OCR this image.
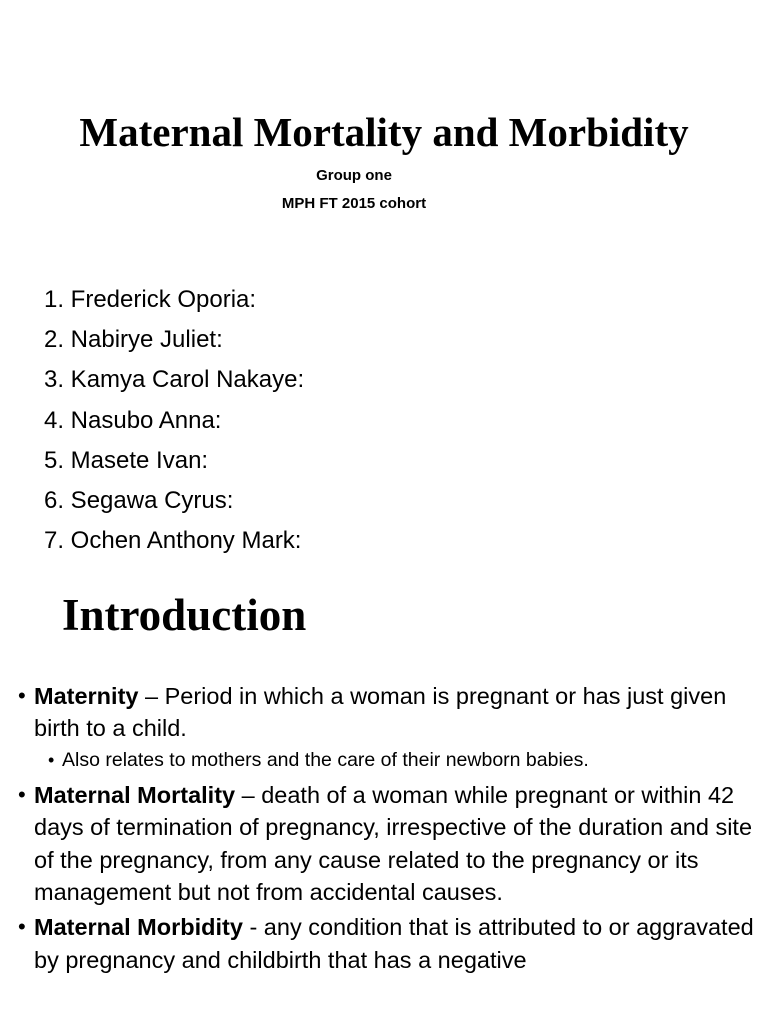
Maternal Mortality and Morbidity
Group one
MPH FT 2015 cohort
1. Frederick Oporia:
2. Nabirye Juliet:
3. Kamya Carol Nakaye:
4. Nasubo Anna:
5. Masete Ivan:
6. Segawa Cyrus:
7. Ochen Anthony Mark:
Introduction
• Maternity – Period in which a woman is pregnant or has just given birth to a child.
• Also relates to mothers and the care of their newborn babies.
• Maternal Mortality – death of a woman while pregnant or within 42 days of termination of pregnancy, irrespective of the duration and site of the pregnancy, from any cause related to the pregnancy or its management but not from accidental causes.
• Maternal Morbidity - any condition that is attributed to or aggravated by pregnancy and childbirth that has a negative
